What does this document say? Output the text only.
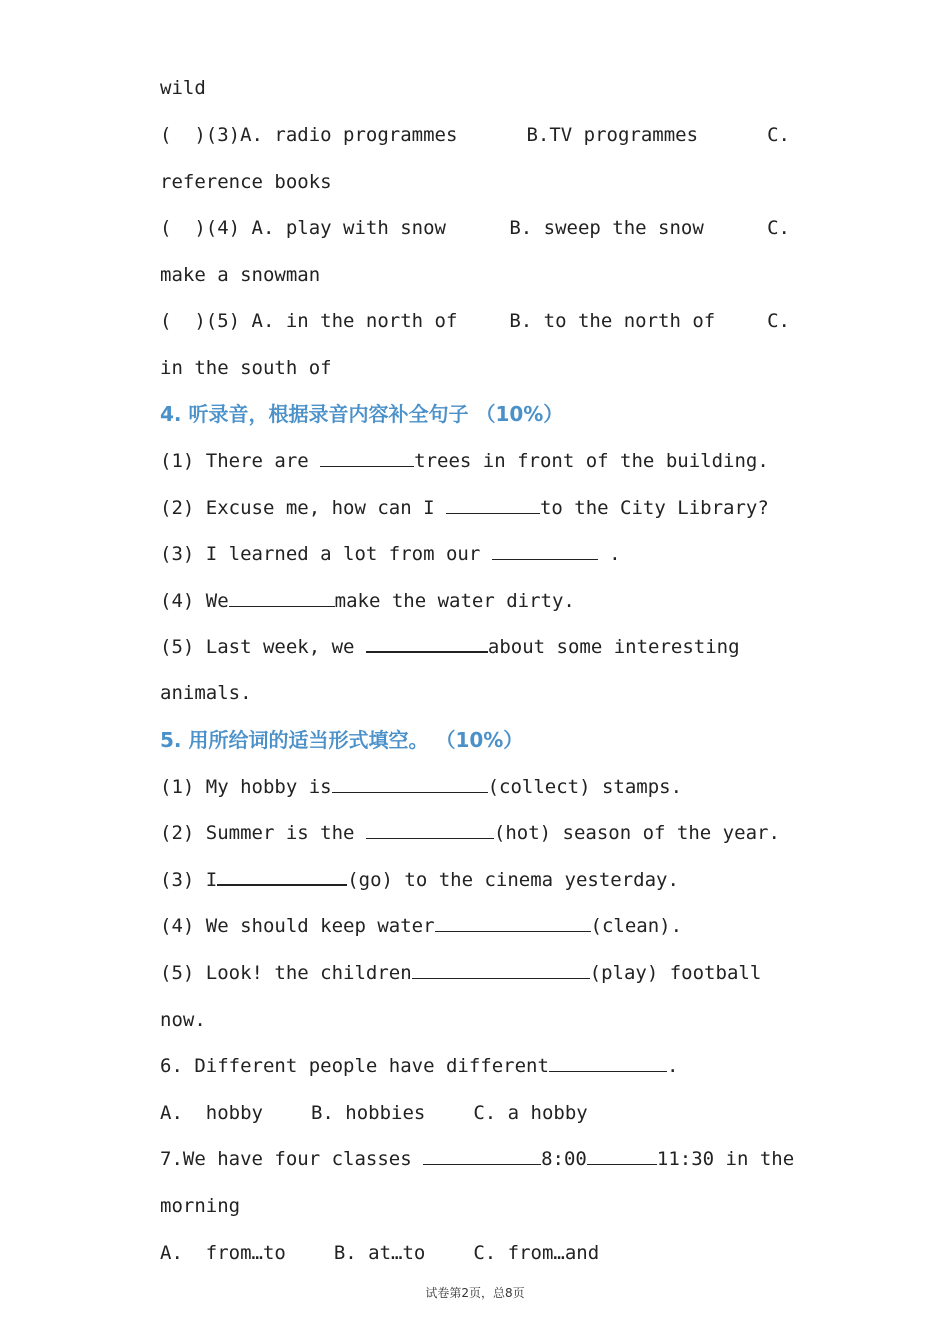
wild
(  )(3)A. radio programmes	B.TV programmes	C.
reference books
(  )(4) A. play with snow	B. sweep the snow	C.
make a snowman
(  )(5) A. in the north of	B. to the north of	C.
in the south of
4. 听录音，根据录音内容补全句子 （10%）
(1) There are	trees in front of the building.
(2) Excuse me, how can I	to the City Library?
(3) I learned a lot from our	.
(4) We	make the water dirty.
(5) Last week, we	about some interesting
animals.
5. 用所给词的适当形式填空。 （10%）
(1) My hobby is	(collect) stamps.
(2) Summer is the	(hot) season of the year.
(3) I	(go) to the cinema yesterday.
(4) We should keep water	(clean).
(5) Look! the children	(play) football
now.
6. Different people have different	.
A.  hobby	B. hobbies	C. a hobby
7.We have four classes	8:00	11:30 in the
morning
A.  from…to	B. at…to	C. from…and
试卷第2页，总8页
